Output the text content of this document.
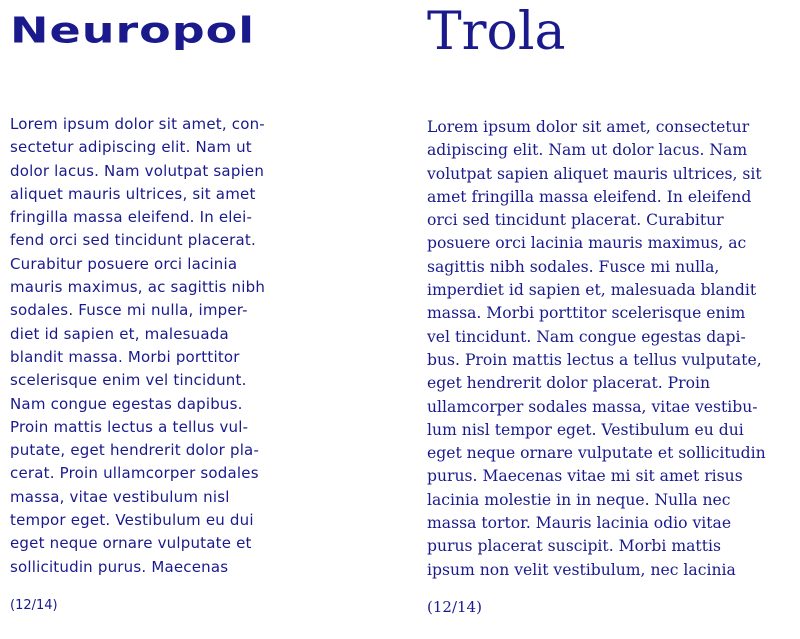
Neuropol

Lorem ipsum dolor sit amet, con-
sectetur adipiscing elit. Nam ut
dolor lacus. Nam volutpat sapien
aliquet mauris ultrices, sit amet
fringilla massa eleifend. In elei-
fend orci sed tincidunt placerat.
Curabitur posuere orci lacinia
mauris maximus, ac sagittis nibh
sodales. Fusce mi nulla, imper-
diet id sapien et, malesuada
blandit massa. Morbi porttitor
scelerisque enim vel tincidunt.
Nam congue egestas dapibus.
Proin mattis lectus a tellus vul-
putate, eget hendrerit dolor pla-
cerat. Proin ullamcorper sodales
massa, vitae vestibulum nisl
tempor eget. Vestibulum eu dui
eget neque ornare vulputate et
sollicitudin purus. Maecenas

(12/14)

Trola

Lorem ipsum dolor sit amet, consectetur
adipiscing elit. Nam ut dolor lacus. Nam
volutpat sapien aliquet mauris ultrices, sit
amet fringilla massa eleifend. In eleifend
orci sed tincidunt placerat. Curabitur
posuere orci lacinia mauris maximus, ac
sagittis nibh sodales. Fusce mi nulla,
imperdiet id sapien et, malesuada blandit
massa. Morbi porttitor scelerisque enim
vel tincidunt. Nam congue egestas dapi-
bus. Proin mattis lectus a tellus vulputate,
eget hendrerit dolor placerat. Proin
ullamcorper sodales massa, vitae vestibu-
lum nisl tempor eget. Vestibulum eu dui
eget neque ornare vulputate et sollicitudin
purus. Maecenas vitae mi sit amet risus
lacinia molestie in in neque. Nulla nec
massa tortor. Mauris lacinia odio vitae
purus placerat suscipit. Morbi mattis
ipsum non velit vestibulum, nec lacinia

(12/14)
